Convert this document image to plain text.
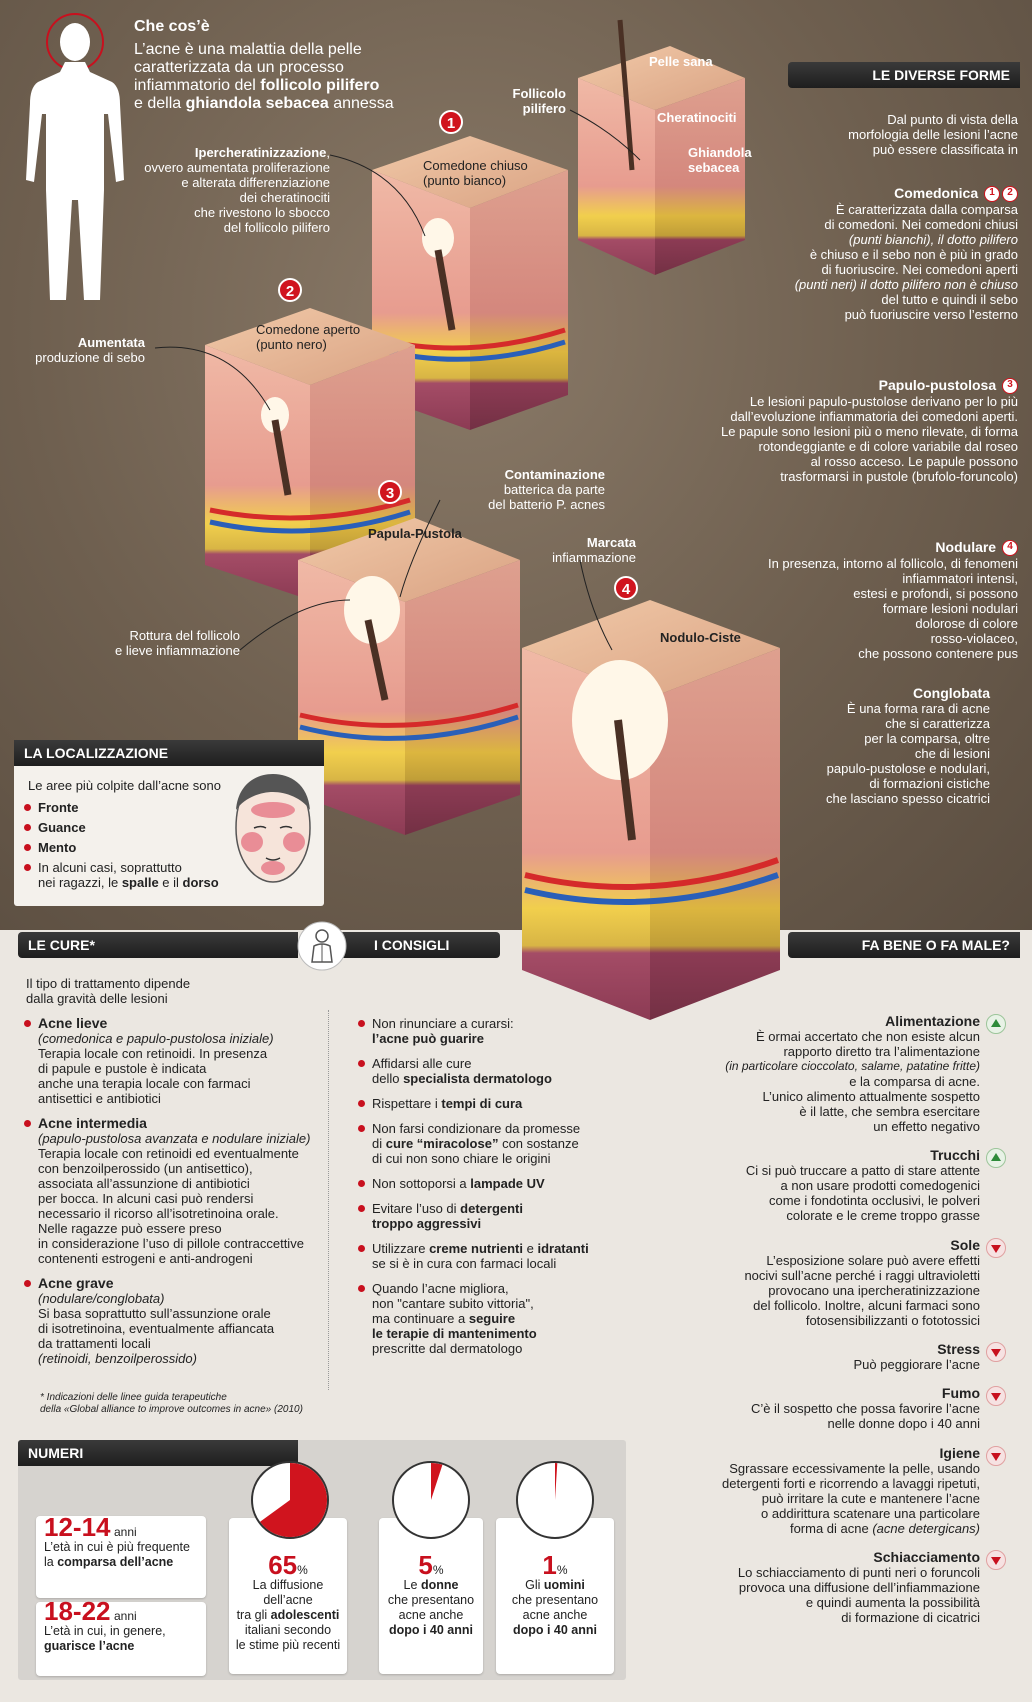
Che cos’è
L’acne è una malattia della pelle
caratterizzata da un processo
infiammatorio del follicolo pilifero
e della ghiandola sebacea annessa
Pelle sana
Follicolo
pilifero
Cheratinociti
Ghiandola
sebacea
Ipercheratinizzazione,
ovvero aumentata proliferazione
e alterata differenziazione
dei cheratinociti
che rivestono lo sbocco
del follicolo pilifero
Comedone chiuso
(punto bianco)
Aumentata
produzione di sebo
Comedone aperto
(punto nero)
Contaminazione
batterica da parte
del batterio P. acnes
Papula-Pustola
Marcata
infiammazione
Rottura del follicolo
e lieve infiammazione
Nodulo-Ciste
1
2
3
4
LE DIVERSE FORME
Dal punto di vista della
morfologia delle lesioni l’acne
può essere classificata in
Comedonica 1 2
È caratterizzata dalla comparsa
di comedoni. Nei comedoni chiusi
(punti bianchi), il dotto pilifero
è chiuso e il sebo non è più in grado
di fuoriuscire. Nei comedoni aperti
(punti neri) il dotto pilifero non è chiuso
del tutto e quindi il sebo
può fuoriuscire verso l’esterno
Papulo-pustolosa 3
Le lesioni papulo-pustolose derivano per lo più
dall’evoluzione infiammatoria dei comedoni aperti.
Le papule sono lesioni più o meno rilevate, di forma
rotondeggiante e di colore variabile dal roseo
al rosso acceso. Le papule possono
trasformarsi in pustole (brufolo-foruncolo)
Nodulare 4
In presenza, intorno al follicolo, di fenomeni
infiammatori intensi,
estesi e profondi, si possono
formare lesioni nodulari
dolorose di colore
rosso-violaceo,
che possono contenere pus
Conglobata
È una forma rara di acne
che si caratterizza
per la comparsa, oltre
che di lesioni
papulo-pustolose e nodulari,
di formazioni cistiche
che lasciano spesso cicatrici
LA LOCALIZZAZIONE
Le aree più colpite dall’acne sono
Fronte
Guance
Mento
In alcuni casi, soprattutto
nei ragazzi, le spalle e il dorso
LE CURE*	I CONSIGLI
Il tipo di trattamento dipende
dalla gravità delle lesioni
Acne lieve
(comedonica e papulo-pustolosa iniziale)
Terapia locale con retinoidi. In presenza
di papule e pustole è indicata
anche una terapia locale con farmaci
antisettici e antibiotici
Acne intermedia
(papulo-pustolosa avanzata e nodulare iniziale)
Terapia locale con retinoidi ed eventualmente
con benzoilperossido (un antisettico),
associata all’assunzione di antibiotici
per bocca. In alcuni casi può rendersi
necessario il ricorso all’isotretinoina orale.
Nelle ragazze può essere preso
in considerazione l’uso di pillole contraccettive
contenenti estrogeni e anti-androgeni
Acne grave
(nodulare/conglobata)
Si basa soprattutto sull’assunzione orale
di isotretinoina, eventualmente affiancata
da trattamenti locali
(retinoidi, benzoilperossido)
* Indicazioni delle linee guida terapeutiche
della «Global alliance to improve outcomes in acne» (2010)
Non rinunciare a curarsi:
l’acne può guarire
Affidarsi alle cure
dello specialista dermatologo
Rispettare i tempi di cura
Non farsi condizionare da promesse
di cure “miracolose” con sostanze
di cui non sono chiare le origini
Non sottoporsi a lampade UV
Evitare l’uso di detergenti
troppo aggressivi
Utilizzare creme nutrienti e idratanti
se si è in cura con farmaci locali
Quando l’acne migliora,
non "cantare subito vittoria",
ma continuare a seguire
le terapie di mantenimento
prescritte dal dermatologo
FA BENE O FA MALE?
Alimentazione
È ormai accertato che non esiste alcun
rapporto diretto tra l’alimentazione
(in particolare cioccolato, salame, patatine fritte)
e la comparsa di acne.
L’unico alimento attualmente sospetto
è il latte, che sembra esercitare
un effetto negativo
Trucchi
Ci si può truccare a patto di stare attente
a non usare prodotti comedogenici
come i fondotinta occlusivi, le polveri
colorate e le creme troppo grasse
Sole
L’esposizione solare può avere effetti
nocivi sull’acne perché i raggi ultravioletti
provocano una ipercheratinizzazione
del follicolo. Inoltre, alcuni farmaci sono
fotosensibilizzanti o fototossici
Stress
Può peggiorare l’acne
Fumo
C’è il sospetto che possa favorire l’acne
nelle donne dopo i 40 anni
Igiene
Sgrassare eccessivamente la pelle, usando
detergenti forti e ricorrendo a lavaggi ripetuti,
può irritare la cute e mantenere l’acne
o addirittura scatenare una particolare
forma di acne (acne detergicans)
Schiacciamento
Lo schiacciamento di punti neri o foruncoli
provoca una diffusione dell’infiammazione
e quindi aumenta la possibilità
di formazione di cicatrici
NUMERI
12-14 anni
L’età in cui è più frequente
la comparsa dell’acne
18-22 anni
L’età in cui, in genere,
guarisce l’acne
65%
La diffusione
dell’acne
tra gli adolescenti
italiani secondo
le stime più recenti
5%
Le donne
che presentano
acne anche
dopo i 40 anni
1%
Gli uomini
che presentano
acne anche
dopo i 40 anni
